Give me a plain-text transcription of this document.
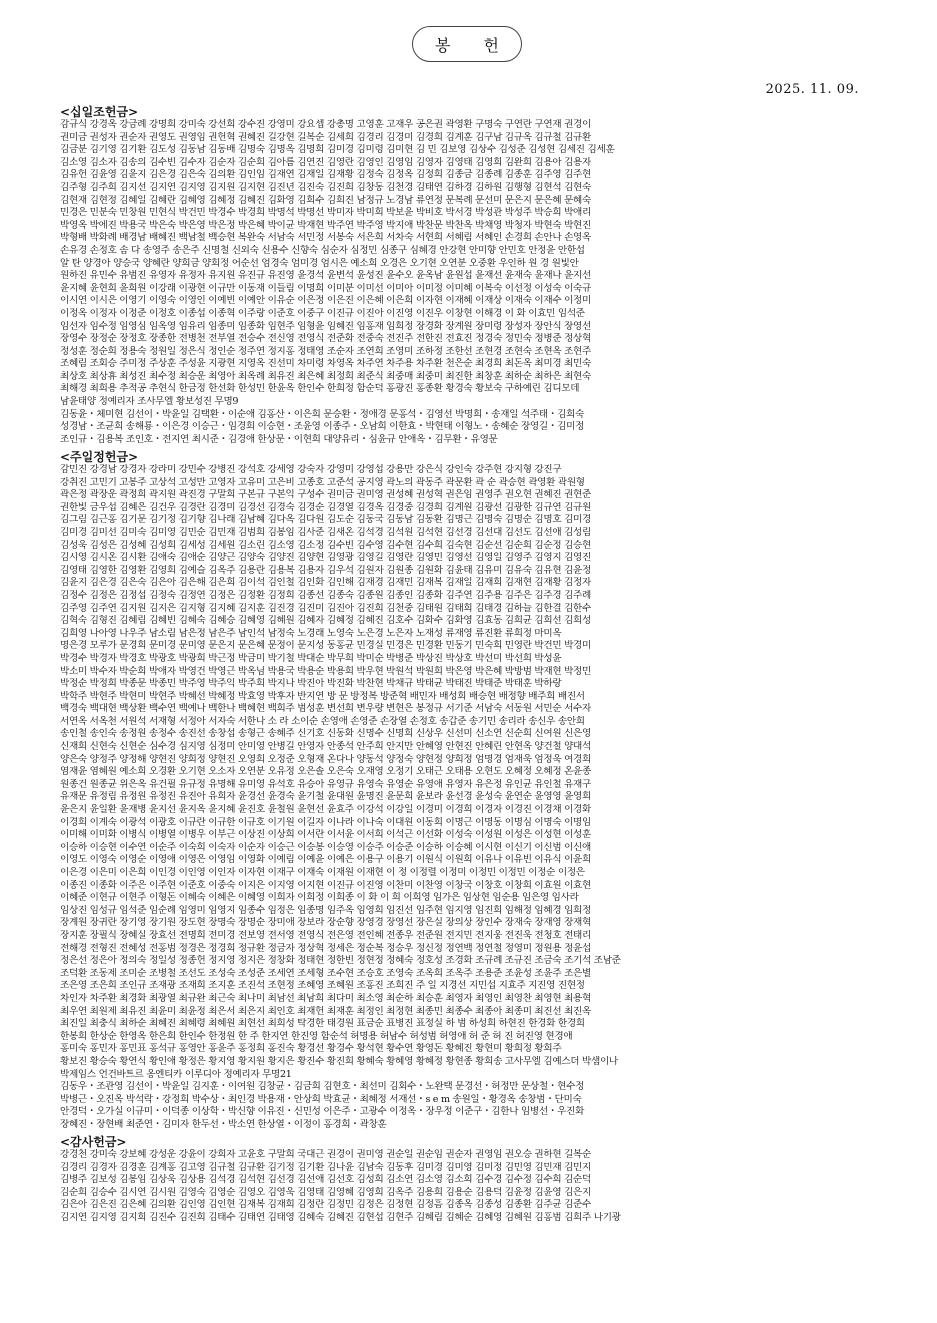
봉 헌
2025. 11. 09.
<십일조헌금>
감규식 강경옥 강금례 강명희 강미숙 강선희 강수진 강영미 강요셉 강총명 고영훈 고재우 공은권 곽영환 구명숙 구연란 구연재 권경이
권미금 권성자 권순자 권영도 권영임 권헌혁 권혜진 길강현 길복순 김세희 김경리 김경미 김경희 김계훈 김구남 김규옥 김규철 김규환
김금분 김기영 김기환 김도성 김동남 김동배 김명숙 김명옥 김명희 김미경 김미령 김미현 김 민 김보영 김상수 김성준 김성현 김세진 김세훈
김소영 김소자 김송의 김수빈 김수자 김순자 김순희 김아름 김연진 김영란 김영인 김영임 김영자 김영태 김영희 김완희 김용아 김용자
김유헌 김윤영 김윤지 김은경 김은숙 김의환 김인임 김재연 김재일 김재황 김정숙 김정옥 김정희 김종금 김종례 김종훈 김주영 김주현
김주형 김주희 김지선 김지연 김지영 김지원 김지현 김진년 김진숙 김진희 김창동 김천경 김태연 김하경 김하원 김행형 김현석 김현숙
김현재 김현정 김혜일 김혜란 김혜영 김혜정 김혜진 김화영 김희수 김희진 남정규 노경남 류연정 문복례 문선미 문은지 문은혜 문혜숙
민경은 민분숙 민창원 민현식 박건민 박경수 박경희 박명석 박명선 박미자 박미희 박보윤 박비호 박서경 박성관 박성주 박승희 박애리
박영옥 박에진 박용국 박은숙 박은영 박은정 박은혜 박이균 박재현 박주연 박주영 박지애 박찬문 박찬옥 박채영 박청자 박현숙 박현진
박형배 박화례 배경남 배혜진 백남철 백승현 복완숙 서남숙 서민정 서봉숙 서은희 서차숙 서현희 서혜림 서혜인 손경희 손안나 손영옥
손유경 손정호 솜 다 송영주 송은주 신명철 신외숙 신용수 신향숙 심순자 심정민 심종구 심혜경 안강현 안미향 안민호 안정윤 안한섭
알 탄 양경아 양승국 양혜란 양희금 양희정 어순선 엄경숙 엄미경 엄시은 예소희 오경은 오기현 오연분 오중환 우인하 원 경 원빛안
원하진 유민수 유범진 유영자 유정자 유지원 유진규 유진영 윤경석 윤변석 윤성진 윤수오 윤옥남 윤원섭 윤재선 윤재숙 윤재나 윤지선
윤지혜 윤현희 윤희원 이강래 이광현 이규만 이동재 이들림 이명희 이미분 이미선 이미아 이미정 이미혜 이복숙 이선정 이성숙 이숙규
이시연 이시은 이영기 이영숙 이영인 이예빈 이예안 이유순 이은정 이은진 이은혜 이은희 이자현 이재혜 이재상 이재숙 이재수 이정미
이정옥 이정자 이정준 이정호 이종섭 이종혁 이주랑 이준호 이중구 이진규 이진아 이진영 이진우 이창현 이해경 이 화 이효민 임석준
임선자 임수정 임영심 임옥영 임유리 임종미 임종화 임현주 임형윤 임혜진 임홍재 임희정 장경화 장계원 장미령 장성자 장안식 장영선
장영수 장정순 장정호 장종한 전병천 전부열 전승수 전신영 전영식 전준화 전중숙 전진주 전한진 전효진 정경숙 정민숙 정병준 정상혁
정성훈 정순희 정용숙 정원일 정은식 정인순 정주연 정지홍 정태영 조순자 조연희 조영미 조하정 조한선 조현경 조현숙 조현옥 조현주
조혜림 조회승 주미정 주상훈 주성윤 지광현 지영옥 진선미 차미령 차영옥 차주연 차주용 차주환 천은순 최경희 최돈옥 최미경 최민숙
최상호 최상휴 최성진 최수정 최승운 최영아 최옥례 최유진 최은혜 최정희 최준식 최중매 최중미 최진한 최창훈 최하순 최하은 최현숙
최해경 최희용 추적공 추현식 한금정 한선화 한성민 한윤옥 한인수 한희정 함순덕 홍광진 홍종환 황경숙 황보숙 구하예린 김디모데
남윤태양 정예리자 조사무엘 황보성진 무명9
김동윤・체미현 김선이・박윤일 김택환・이순애 김홍산・이은희 문승환・정애경 문홍석・김영선 박명희・송재일 석주태・김희숙
성경남・조균희 송해룡・이은경 이승근・임경희 이승현・조윤영 이종주・오남희 이한효・박현태 이형노・송혜순 장영길・김미정
조인규・김용복 조인호・전지연 최시준・김경애 한상문・이현희 대양유리・심윤규 안애옥・김무환・유영문
<주일정헌금>
감민진 강경남 강경자 강라미 강민수 강병진 강석호 강세영 강숙자 강영미 강영섭 강용만 강은식 강인숙 강주현 강지형 강진구
강취진 고민기 고봉주 고상석 고성만 고영자 고유미 고은비 고종호 고준석 공지영 곽노의 곽동주 곽문환 곽 순 곽승현 곽영환 곽원형
곽은정 곽장운 곽정희 곽지원 곽진경 구말희 구본규 구본익 구성수 권미금 권미영 권성혜 권성혁 권은임 권영주 권오현 권혜진 권현준
권한빛 금우섭 김혜은 김건우 김경란 김경미 김경선 김경숙 김경순 김경열 김경옥 김경중 김경희 김계원 김광선 김광한 김규연 김규원
김그림 김근홍 김기문 김기정 김기향 김나래 김남혜 김다옥 김다원 김도순 김동국 김동남 김동환 김명근 김명숙 김명순 김명호 김미경
김미경 김미선 김미숙 김미영 김민순 김민재 김범희 김봉임 김사준 김새온 김석경 김석원 김석현 김선경 김선대 김선도 김선애 김성림
김성욱 김성은 김성혜 김성희 김세성 김세원 김소린 김소영 김소정 김수빈 김수영 김수현 김수희 김숙현 김순선 김순희 김순정 김승현
김시영 김시온 김시환 김애숙 김애순 김양근 김양숙 김양진 김양현 김영광 김영길 김영란 김영민 김영선 김영일 김영주 김영지 김영진
김영태 김영한 김영환 김영희 김예슬 김옥주 김용란 김용복 김용자 김우석 김원자 김원종 김원화 김윤태 김유미 김유숙 김유현 김윤정
김윤지 김은경 김은숙 김은아 김은해 김은희 김이석 김인철 김인화 김인해 김재경 김재민 김재복 김재일 김재희 김재현 김재황 김정자
김정수 김정은 김정섭 김정숙 김정연 김정은 김정환 김정희 김종선 김종숙 김종원 김종인 김종화 김주연 김주용 김주은 김주경 김주례
김주영 김주연 김지원 김지은 김지형 김지혜 김지훈 김진경 김진미 김진아 김진희 김천중 김태원 김태희 김태경 김하늘 김한결 김한수
김혁숙 김형진 김혜림 김혜빈 김혜숙 김혜승 김혜영 김혜원 김혜자 김혜정 김혜진 김호수 김화수 김화영 김효동 김희균 김희선 김희성
김희영 나아영 나우주 남소림 남은정 남은주 남인석 남정숙 노경래 노영숙 노은경 노은자 노재성 류재영 류진환 류희정 마미옥
명은경 모루가 문경희 문미경 문미영 문은지 문은혜 문정이 문지성 동홍균 민경실 민경은 민경환 민동기 민숙희 민영란 박건민 박경미
박경수 박경자 박경호 박광호 박광희 박근정 박금미 박기철 박대순 박무희 박미순 박병준 박상진 박상호 박선미 박선희 박성윤
박소미 박수자 박순희 박애자 박영건 박영근 박옥님 박용국 박용순 박용희 박우현 박원석 박원희 박은영 박은혜 박방범 박재현 박정민
박정순 박정희 박종문 박종민 박주영 박주익 박주희 박지나 박진아 박진화 박찬현 박채규 박태균 박태진 박태준 박태훈 박하랑
박학주 박현주 박현미 박현주 박혜선 박혜정 박효영 박후자 반지연 방 문 방정복 방준혁 배민자 배성희 배승현 배정향 배주희 배진서
백경숙 백대현 백상환 백수연 백예나 백한나 백혜현 백희주 범성훈 변선희 변우량 변현은 봉정규 서기준 서남숙 서동원 서민순 서수자
서연옥 서옥천 서원석 서재형 서정아 서자숙 서한나 소 라 소이순 손영애 손영준 손장열 손정호 송갑준 송기민 송리라 송신우 송안희
송인철 송인숙 송정원 송정수 송진선 송창섭 송형근 송혜주 신기호 신동화 신명수 신명희 신상우 신선미 신소연 신순희 신여원 신은영
신재희 신현숙 신현순 심수경 심지영 심정미 안미영 안병길 안영자 안종석 안주희 안지만 안혜영 안현진 안혜린 안현옥 양건철 양대석
양은숙 양정주 양정해 양현진 양희정 양현진 오영희 오정준 오형재 온다나 양동석 양정숙 양현정 양희정 엄명경 엄재욱 엄정욱 여경희
염재윤 염혜원 예소희 오경환 오기현 오소자 오연분 오유정 오은솔 오은숙 오재영 오정기 오태근 오태용 오현도 오혜정 오혜정 온윤종
원종건 원종균 위은옥 유건필 유규정 유명해 유미영 유석호 유승아 유영규 유영숙 유영순 유영애 유영자 유은정 유인균 유인철 유재구
유재문 유정림 유정원 유정진 유진아 유희자 윤경선 윤경숙 윤기철 윤대원 윤명진 윤문희 윤보라 윤선경 윤성숙 윤연순 윤영영 윤영희
윤은지 윤일환 윤재병 윤지선 윤지옥 윤지혜 윤진호 윤철원 윤현선 윤효주 이강석 이강일 이경미 이경희 이경자 이경진 이경채 이경화
이경희 이계숙 이광석 이광호 이규란 이규한 이규호 이기원 이길자 이나라 이나숙 이대원 이동희 이명근 이명동 이명심 이명숙 이명임
이미해 이미화 이병식 이병열 이병우 이부근 이상진 이상희 이서란 이서윤 이서희 이석근 이선화 이성숙 이성원 이성은 이성현 이성훈
이승하 이승현 이수연 이순주 이숙희 이숙자 이순자 이승근 이승봉 이승영 이승주 이승준 이승하 이승혜 이시현 이신기 이신범 이신애
이영도 이영숙 이영순 이영애 이영은 이영임 이영화 이예림 이예윤 이예은 이용구 이용기 이원식 이원희 이유나 이유빈 이유식 이윤희
이은경 이은미 이은희 이인경 이인영 이인자 이자현 이재구 이재숙 이재원 이재현 이 정 이정렬 이정미 이정민 이정민 이정순 이정은
이종진 이종화 이주은 이주현 이준호 이중숙 이지은 이지영 이지현 이진규 이진영 이찬미 이찬영 이창국 이창호 이창희 이효원 이효현
이혜준 이현규 이현주 이형돈 이혜숙 이혜은 이혜영 이희자 이희정 이희종 이 화 이 희 이희영 임가은 임상현 임순용 임은영 임사라
임상진 임성규 임석준 임순례 임영미 임영지 임종수 임정은 임종명 임주옥 임영희 임진선 임주현 임지영 임진희 임해정 임혜경 임희정
장계원 장귀란 장기영 장기원 장도현 장명숙 장명순 장미애 장보라 장순향 장영경 장영선 장은실 장의상 장인수 장재숙 장재영 장재혁
장지훈 장필식 장혜실 장효선 전명희 전미경 전보영 전서영 전영식 전은영 전인혜 전종우 전준원 전지민 전지웅 전진욱 전청호 전태리
전해경 전형진 전혜성 전홍범 정경은 정경희 정규환 정금자 정상혁 정세은 정순복 정승우 정신정 정연백 정연철 정영미 정원용 정윤섭
정은선 정은아 정의숙 정일성 정종헌 정지영 정지은 정창화 정태현 정한빈 정현정 정혜숙 정호성 조경화 조규례 조규진 조금숙 조기석 조남준
조덕환 조동제 조미순 조병철 조선도 조성숙 조성준 조세연 조세형 조수현 조승호 조영숙 조옥희 조옥주 조용준 조윤성 조윤주 조은별
조은영 조은희 조인규 조재광 조재희 조지훈 조진석 조현정 조혜영 조혜원 조홍진 조희진 주 일 지경선 지민섭 지효주 지진영 진현정
차인자 차주환 최경화 최광열 최규완 최근숙 최나미 최남선 최남희 최다미 최소영 최순하 최승훈 최영자 최영인 최영찬 최영현 최용혁
최우연 최원제 최유진 최윤미 최윤정 최은서 최은지 최인호 최재헌 최재훈 최정인 최정현 최종민 최종수 최종아 최종미 최진선 최진옥
최진일 최충식 최하순 최혜진 최혜령 최혜원 최현선 최희성 탁경한 태경원 표금순 표병진 표정실 하 범 하성희 하현진 한경화 한경희
한봉희 한상순 한영옥 한은희 한인수 한정원 한 주 한지연 한진영 함순석 허명용 허남수 허성범 허영애 허 준 허 진 허진영 현경애
홍미숙 홍민자 홍민표 홍석규 홍영안 홍윤주 홍정희 홍진숙 황경선 황경수 황석현 황수연 황영돈 황혜진 황현미 황희정 황희주
황보진 황승숙 황연식 황인애 황정은 황지영 황지원 황지은 황진수 황진희 황혜숙 황혜영 황혜정 황현종 황희송 고사무엘 김예스더 박샘이나
박제임스 언건바트르 옹엔티카 이루디아 정예리자 무명21
김동우・조관영 김선이・박윤일 김지훈・이여원 김창균・김금희 김현호・최선미 김회수・노완택 문경선・허정만 문상철・현수정
박병근・오진옥 박석락・강정희 박수상・최인경 박용재・안상희 박효균・최혜정 서재선・s e m 송원일・황경옥 송창범・단미숙
안경덕・오가실 이규미・이덕종 이상학・박신향 이유진・신민성 이은주・고광수 이정옥・장우정 이준구・김한나 임병선・우진화
장혜진・장현배 최준연・김미자 한두선・박소연 한상열・이정이 홍경희・곽창훈
<감사헌금>
강경천 강미숙 강보혜 강성운 강윤이 강희자 고윤호 구말희 국대근 권경이 권미영 권순일 권순임 권순자 권영임 권오승 권하현 길복순
김경리 김경자 김경훈 김계홍 김고영 김규철 김규환 김기정 김기환 김나윤 김남숙 김동후 김미경 김미영 김미정 김민영 김민재 김민지
김병주 김보성 김봉임 김상욱 김상용 김석경 김석현 김선경 김선애 김선호 김성희 김소연 김소영 김소희 김수경 김수정 김수희 김순덕
김순희 김승수 김시연 김시원 김영숙 김영순 김영오 김영욱 김영태 김영혜 김영희 김옥주 김용희 김용순 김용덕 김윤정 김윤영 김은지
김은아 김은진 김은혜 김의환 김인영 김인현 김재복 김재희 김정란 김정민 김정은 김정현 김정흠 김종옥 김종성 김종환 김주균 김준수
김지연 김지영 김지희 김진수 김진희 김태수 김태연 김태영 김혜숙 김혜진 김현섭 김현주 김혜림 김혜순 김혜영 김혜원 김홍범 김희주 나기광
